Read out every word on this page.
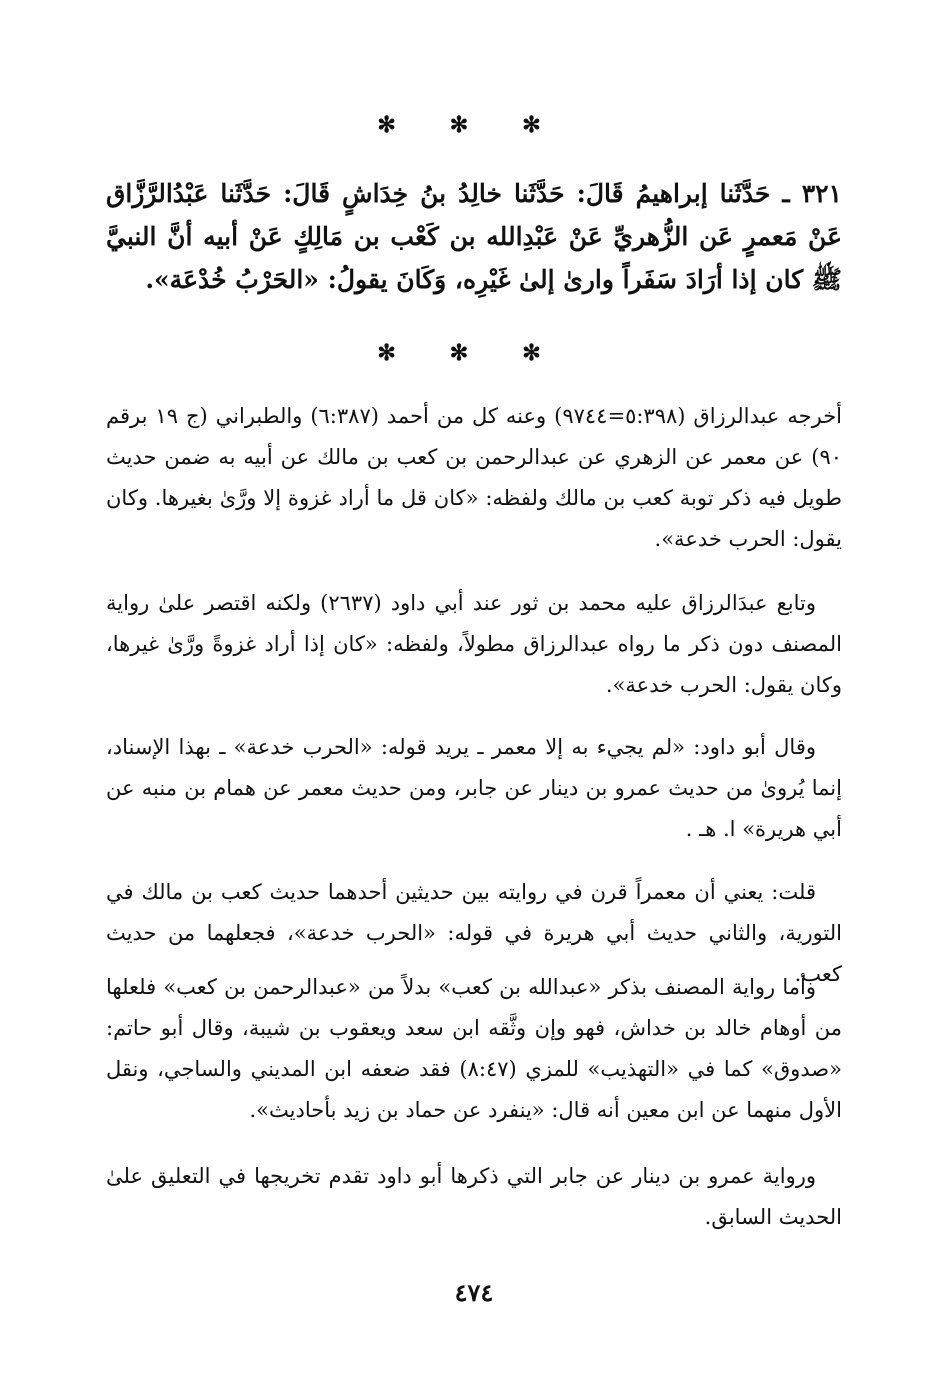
✻ ✻ ✻
٣٢١ ـ حَدَّثَنا إبراهيمُ قَالَ: حَدَّثَنا خالِدُ بنُ خِدَاشٍ قَالَ: حَدَّثَنا عَبْدُالرَّزَّاق عَنْ مَعمرٍ عَن الزُّهريِّ عَنْ عَبْدِالله بن كَعْب بن مَالِكٍ عَنْ أبيه أنَّ النبيَّ ﷺ كان إذا أرَادَ سَفَراً وارىٰ إلىٰ غَيْرِه، وَكَانَ يقولُ: «الحَرْبُ خُدْعَة».
✻ ✻ ✻

أخرجه عبدالرزاق (٥:٣٩٨=٩٧٤٤) وعنه كل من أحمد (٦:٣٨٧) والطبراني (ج ١٩ برقم ٩٠) عن معمر عن الزهري عن عبدالرحمن بن كعب بن مالك عن أبيه به ضمن حديث طويل فيه ذكر توبة كعب بن مالك ولفظه: «كان قل ما أراد غزوة إلا ورَّىٰ بغيرها. وكان يقول: الحرب خدعة».

وتابع عبدَالرزاق عليه محمد بن ثور عند أبي داود (٢٦٣٧) ولكنه اقتصر علىٰ رواية المصنف دون ذكر ما رواه عبدالرزاق مطولاً، ولفظه: «كان إذا أراد غزوةً ورَّىٰ غيرها، وكان يقول: الحرب خدعة».

وقال أبو داود: «لم يجيء به إلا معمر ـ يريد قوله: «الحرب خدعة» ـ بهذا الإسناد، إنما يُروىٰ من حديث عمرو بن دينار عن جابر، ومن حديث معمر عن همام بن منبه عن أبي هريرة» ا. هـ .

قلت: يعني أن معمراً قرن في روايته بين حديثين أحدهما حديث كعب بن مالك في التورية، والثاني حديث أبي هريرة في قوله: «الحرب خدعة»، فجعلهما من حديث كعب.

وأما رواية المصنف بذكر «عبدالله بن كعب» بدلاً من «عبدالرحمن بن كعب» فلعلها من أوهام خالد بن خداش، فهو وإن وثَّقه ابن سعد ويعقوب بن شيبة، وقال أبو حاتم: «صدوق» كما في «التهذيب» للمزي (٨:٤٧) فقد ضعفه ابن المديني والساجي، ونقل الأول منهما عن ابن معين أنه قال: «ينفرد عن حماد بن زيد بأحاديث».

ورواية عمرو بن دينار عن جابر التي ذكرها أبو داود تقدم تخريجها في التعليق علىٰ الحديث السابق.

٤٧٤
